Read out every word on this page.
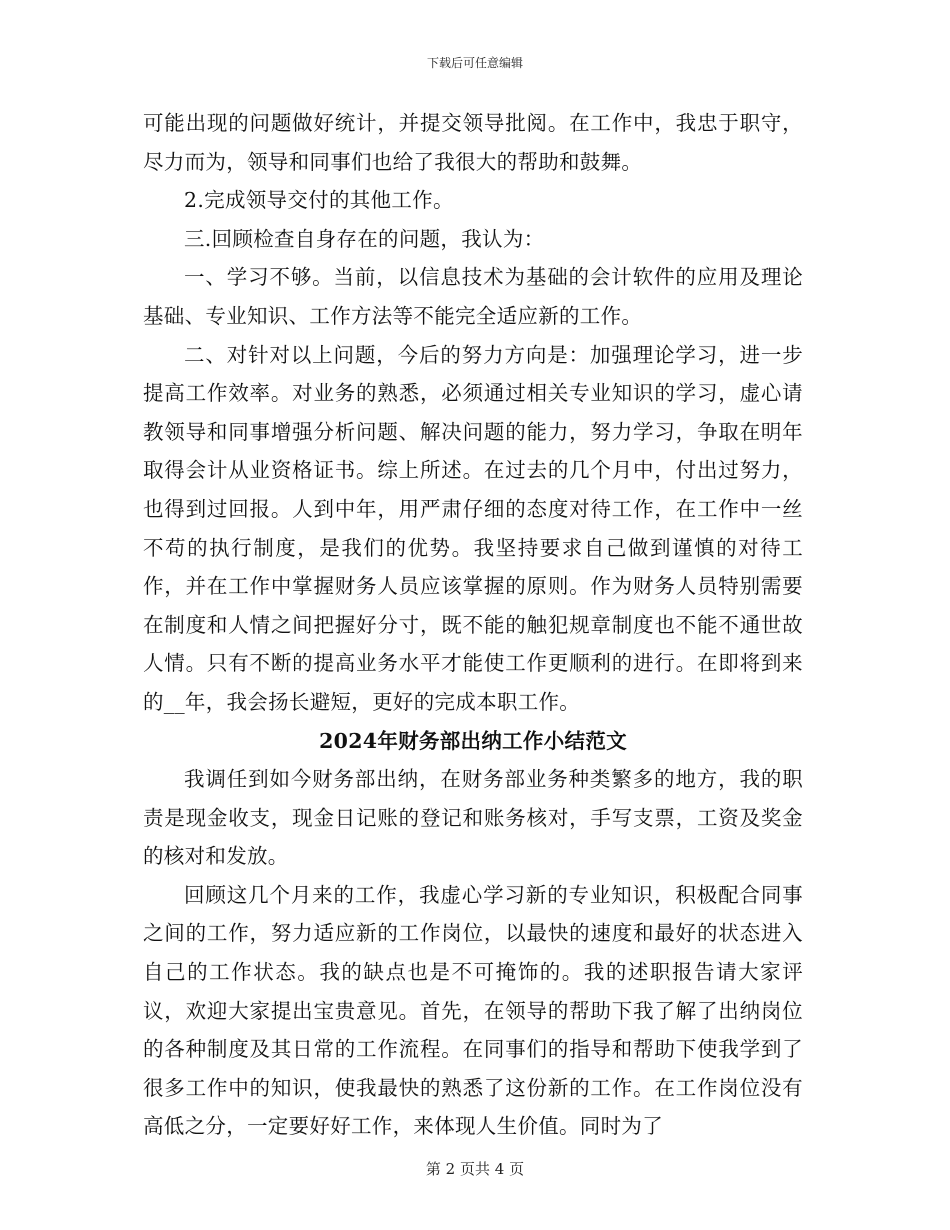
下载后可任意编辑

可能出现的问题做好统计，并提交领导批阅。在工作中，我忠于职守，尽力而为，领导和同事们也给了我很大的帮助和鼓舞。

2.完成领导交付的其他工作。

三.回顾检查自身存在的问题，我认为：

一、学习不够。当前，以信息技术为基础的会计软件的应用及理论基础、专业知识、工作方法等不能完全适应新的工作。

二、对针对以上问题，今后的努力方向是：加强理论学习，进一步提高工作效率。对业务的熟悉，必须通过相关专业知识的学习，虚心请教领导和同事增强分析问题、解决问题的能力，努力学习，争取在明年取得会计从业资格证书。综上所述。在过去的几个月中，付出过努力，也得到过回报。人到中年，用严肃仔细的态度对待工作，在工作中一丝不苟的执行制度，是我们的优势。我坚持要求自己做到谨慎的对待工作，并在工作中掌握财务人员应该掌握的原则。作为财务人员特别需要在制度和人情之间把握好分寸，既不能的触犯规章制度也不能不通世故人情。只有不断的提高业务水平才能使工作更顺利的进行。在即将到来的__年，我会扬长避短，更好的完成本职工作。

2024年财务部出纳工作小结范文

我调任到如今财务部出纳，在财务部业务种类繁多的地方，我的职责是现金收支，现金日记账的登记和账务核对，手写支票，工资及奖金的核对和发放。

回顾这几个月来的工作，我虚心学习新的专业知识，积极配合同事之间的工作，努力适应新的工作岗位，以最快的速度和最好的状态进入自己的工作状态。我的缺点也是不可掩饰的。我的述职报告请大家评议，欢迎大家提出宝贵意见。首先，在领导的帮助下我了解了出纳岗位的各种制度及其日常的工作流程。在同事们的指导和帮助下使我学到了很多工作中的知识，使我最快的熟悉了这份新的工作。在工作岗位没有高低之分，一定要好好工作，来体现人生价值。同时为了

第 2 页共 4 页
